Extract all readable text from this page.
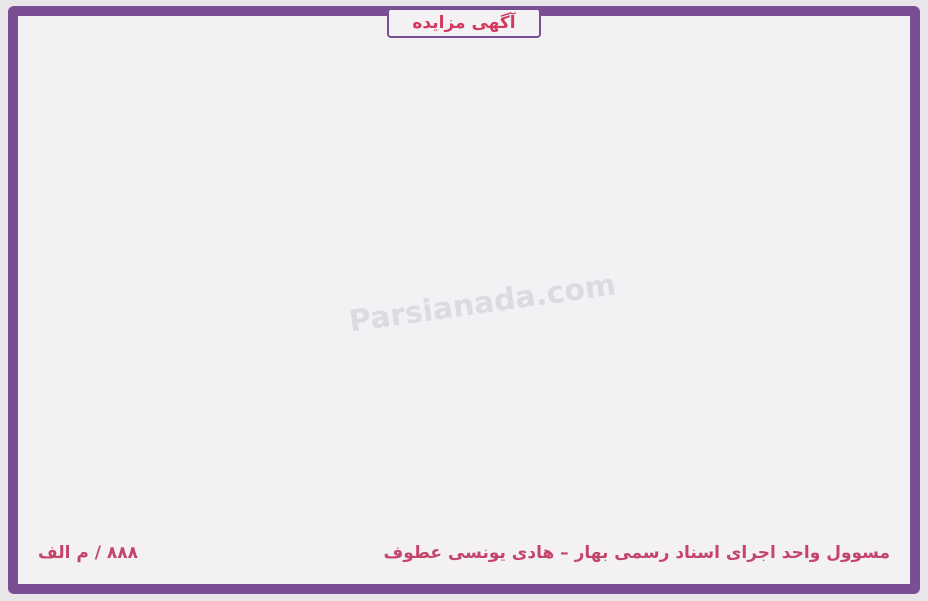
آگهی مزایده
Parsianada.com
مسوول واحد اجرای اسناد رسمی بهار – هادی یونسی عطوف
۸۸۸ / م الف
